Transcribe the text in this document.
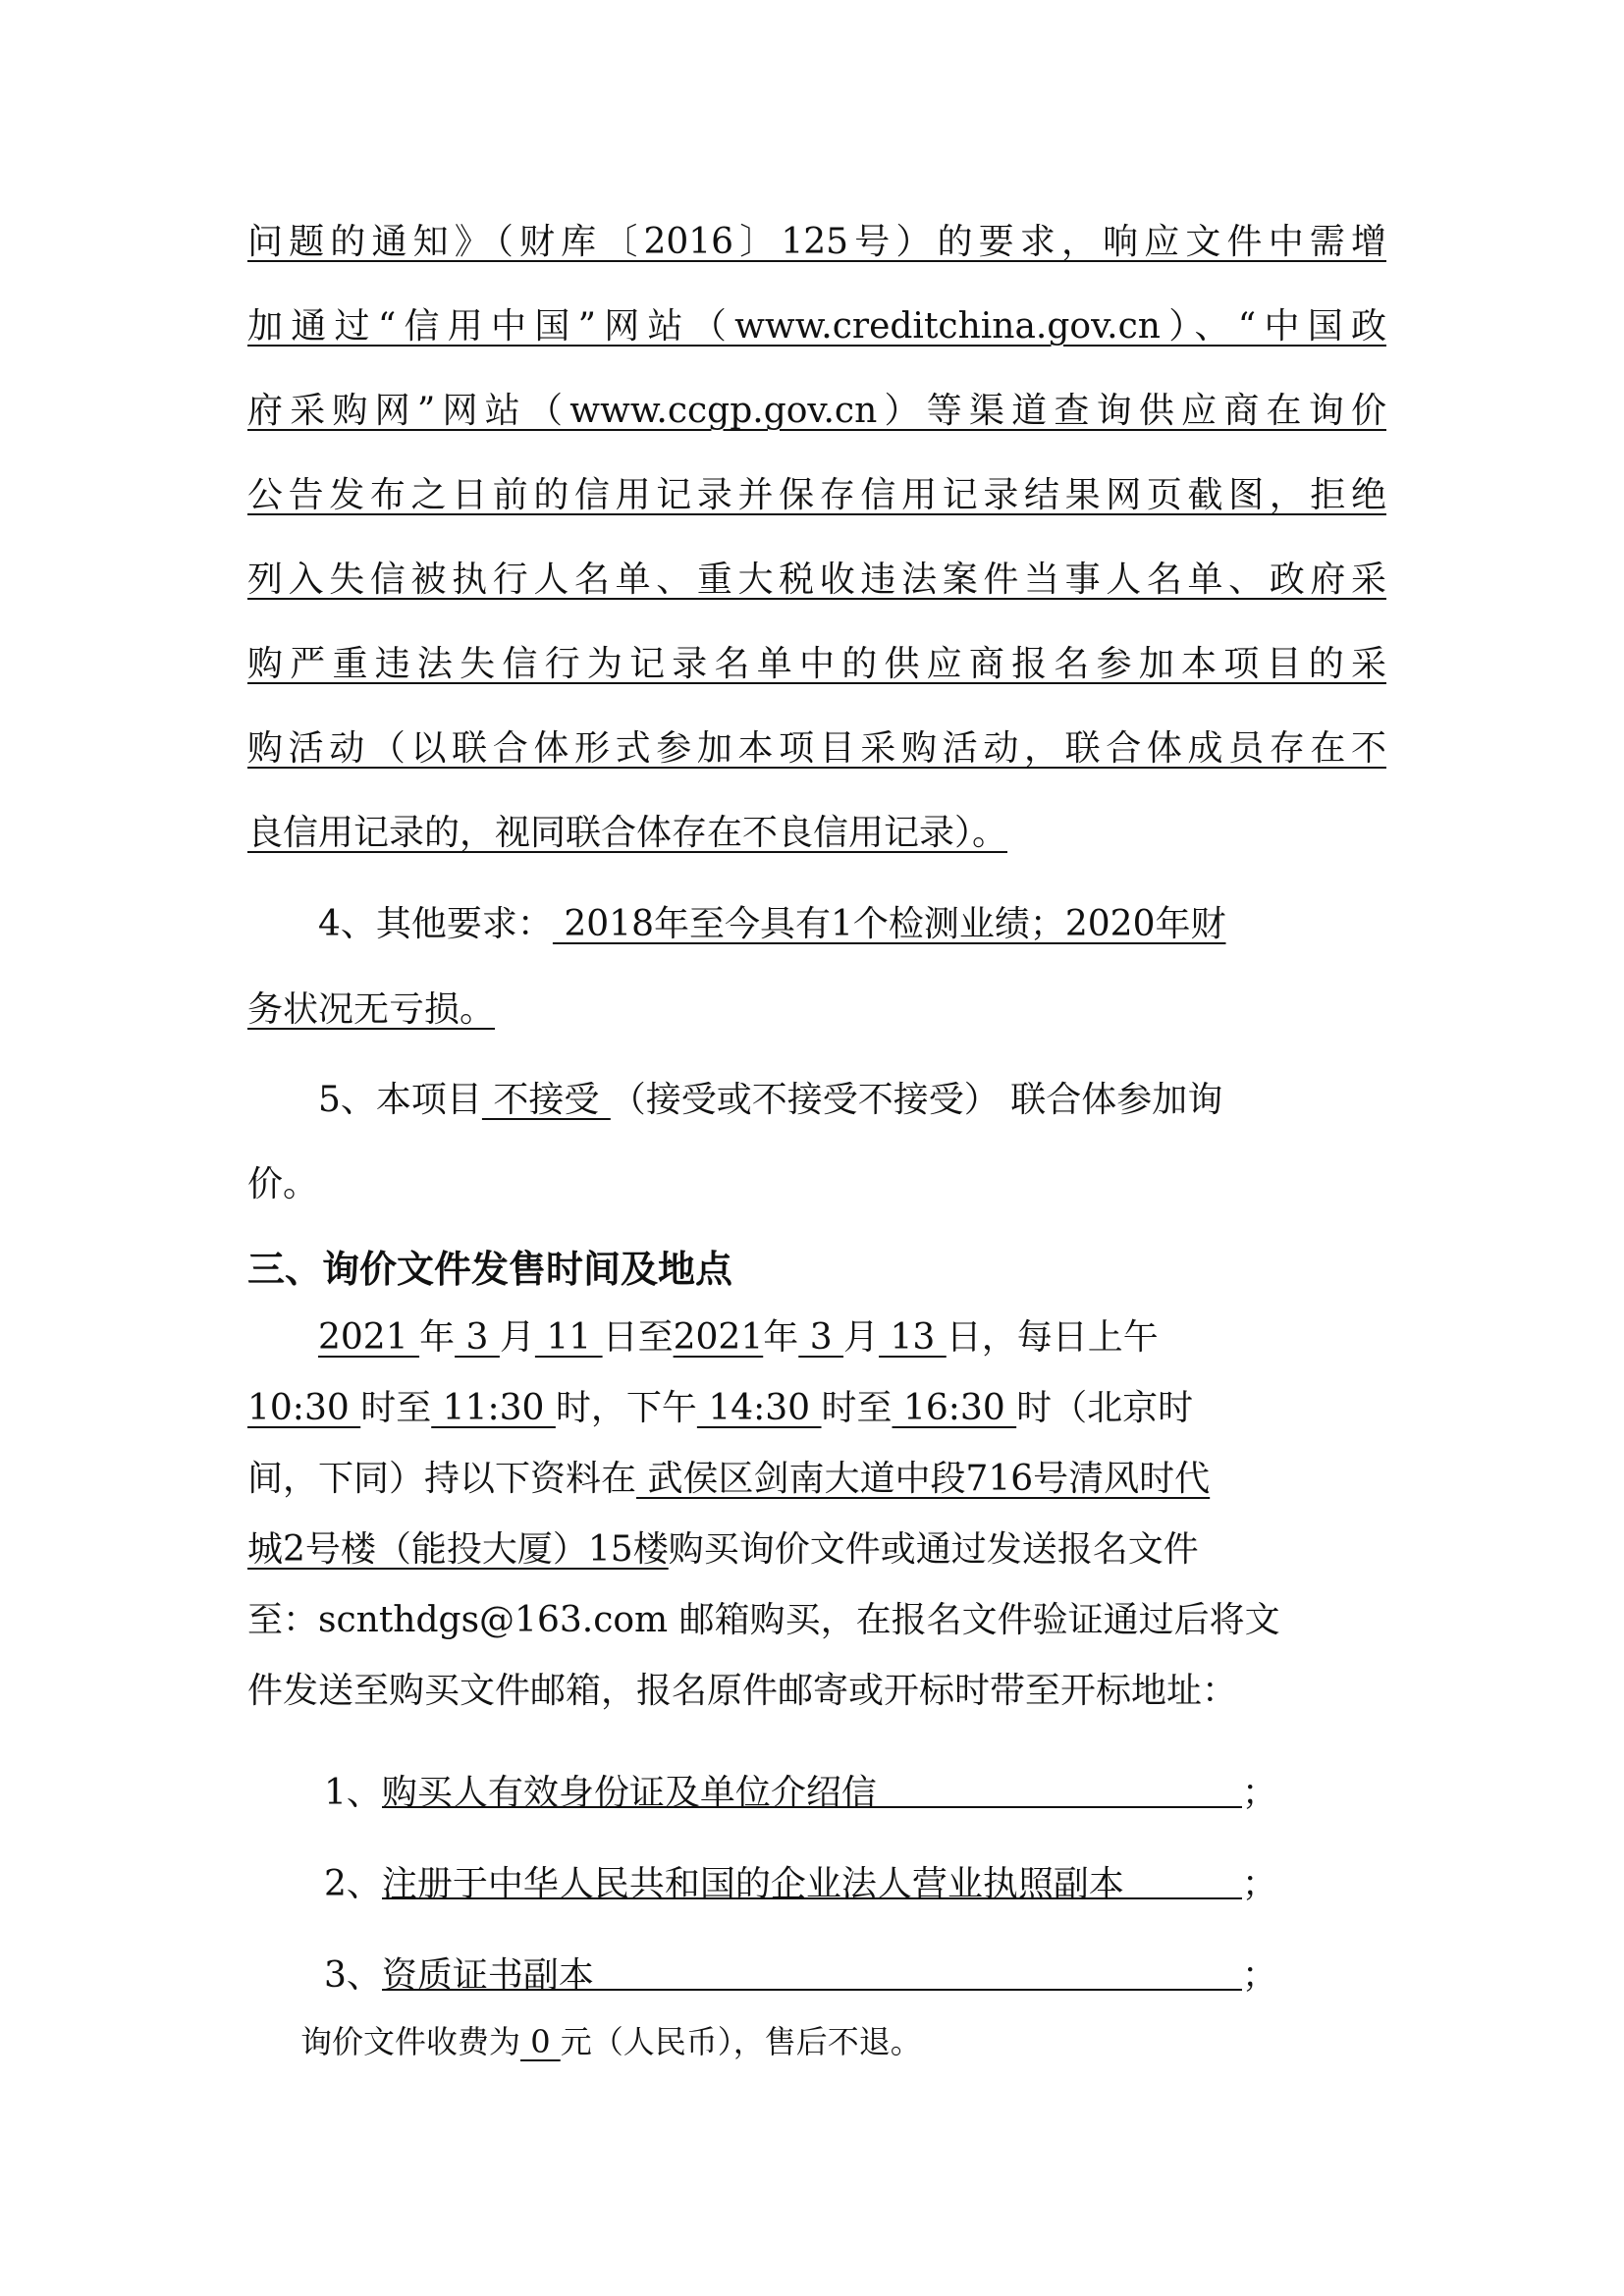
问题的通知》（财库〔2016〕125号）的要求，响应文件中需增
加通过“信用中国”网站（www.creditchina.gov.cn）、“中国政
府采购网”网站（www.ccgp.gov.cn）等渠道查询供应商在询价
公告发布之日前的信用记录并保存信用记录结果网页截图，拒绝
列入失信被执行人名单、重大税收违法案件当事人名单、政府采
购严重违法失信行为记录名单中的供应商报名参加本项目的采
购活动（以联合体形式参加本项目采购活动，联合体成员存在不
良信用记录的，视同联合体存在不良信用记录）。
4、其他要求： 2018年至今具有1个检测业绩；2020年财
务状况无亏损。
5、本项目 不接受 （接受或不接受不接受） 联合体参加询
价。
三、询价文件发售时间及地点
2021 年 3 月 11 日至2021年 3 月 13 日，每日上午
10:30 时至 11:30 时，下午 14:30 时至 16:30 时（北京时
间，下同）持以下资料在 武侯区剑南大道中段716号清风时代
城2号楼（能投大厦）15楼购买询价文件或通过发送报名文件
至：scnthdgs@163.com 邮箱购买，在报名文件验证通过后将文
件发送至购买文件邮箱，报名原件邮寄或开标时带至开标地址：
1、购买人有效身份证及单位介绍信	；
2、注册于中华人民共和国的企业法人营业执照副本	；
3、资质证书副本	；
询价文件收费为 0 元（人民币），售后不退。
